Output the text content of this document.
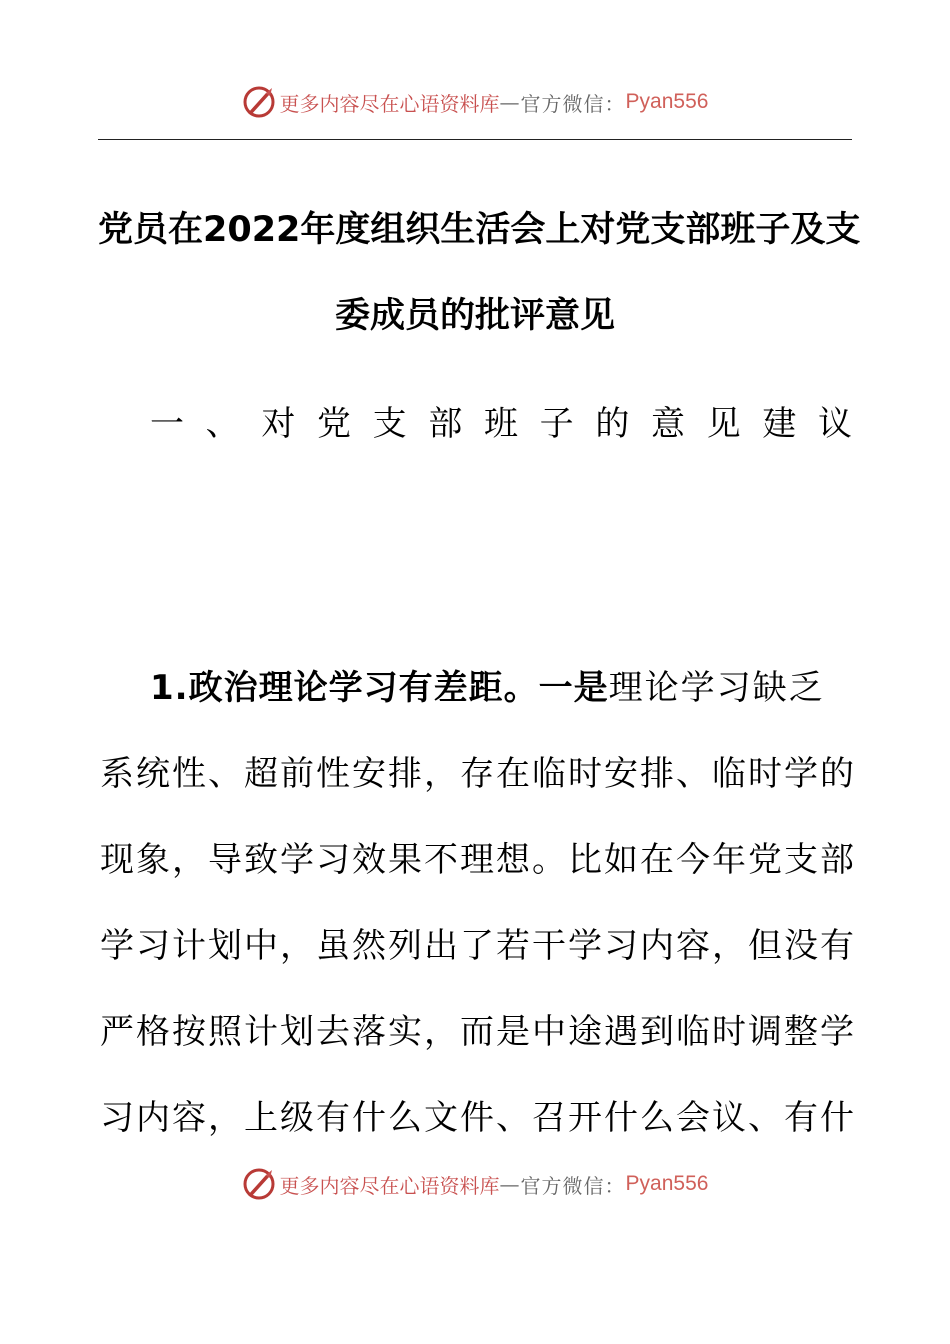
更多内容尽在心语资料库 — 官方微信： Pyan556
党员在2022年度组织生活会上对党支部班子及支
委成员的批评意见
一、对党支部班子的意见建议
1.政治理论学习有差距。一是理论学习缺乏
系统性、超前性安排，存在临时安排、临时学的
现象，导致学习效果不理想。比如在今年党支部
学习计划中，虽然列出了若干学习内容，但没有
严格按照计划去落实，而是中途遇到临时调整学
习内容，上级有什么文件、召开什么会议、有什
更多内容尽在心语资料库 — 官方微信： Pyan556
